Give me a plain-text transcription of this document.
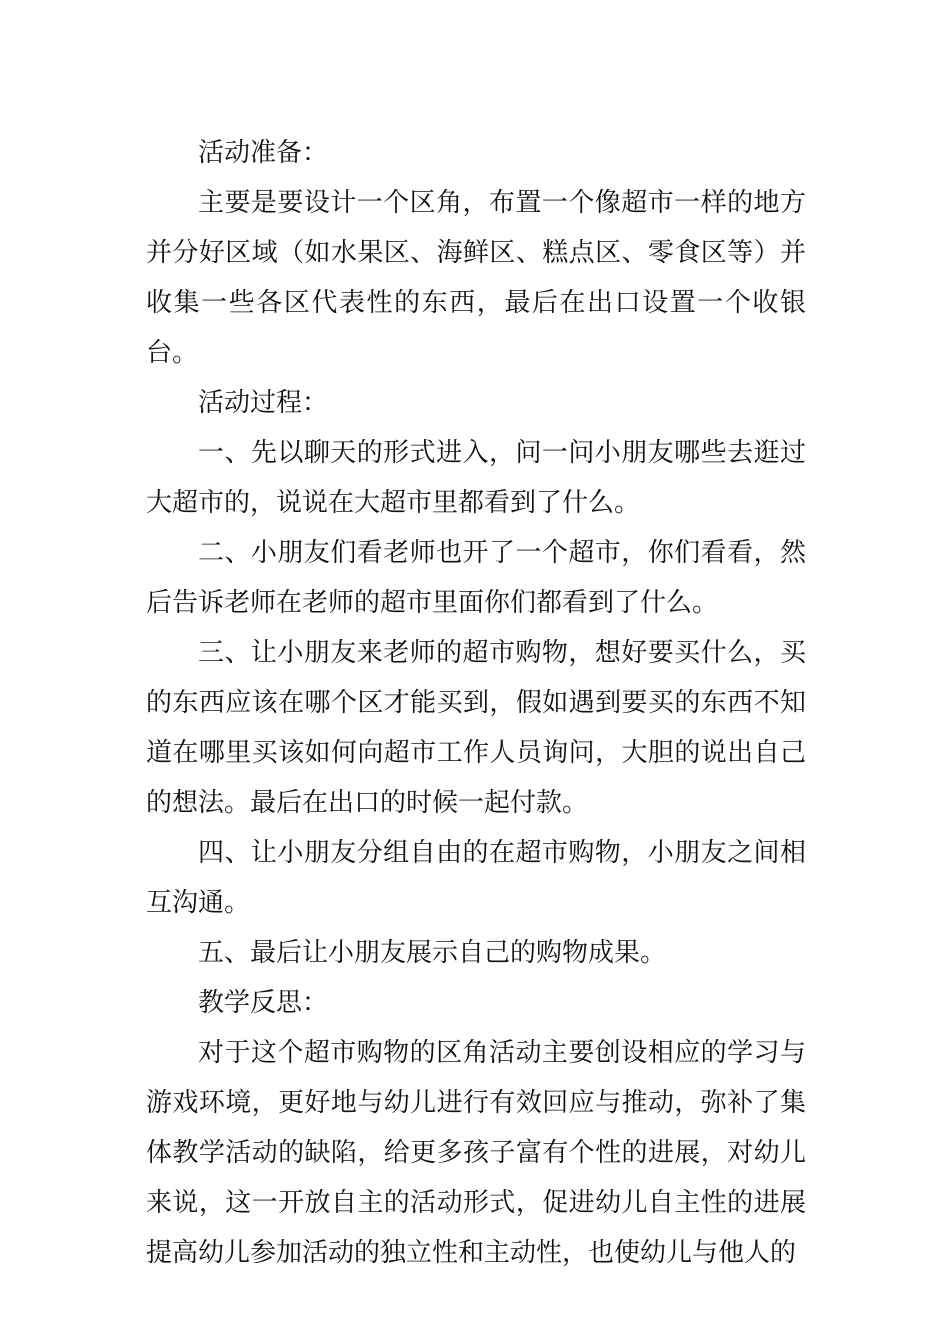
活动准备：

主要是要设计一个区角，布置一个像超市一样的地方并分好区域（如水果区、海鲜区、糕点区、零食区等）并收集一些各区代表性的东西，最后在出口设置一个收银台。

活动过程：

一、先以聊天的形式进入，问一问小朋友哪些去逛过大超市的，说说在大超市里都看到了什么。

二、小朋友们看老师也开了一个超市，你们看看，然后告诉老师在老师的超市里面你们都看到了什么。

三、让小朋友来老师的超市购物，想好要买什么，买的东西应该在哪个区才能买到，假如遇到要买的东西不知道在哪里买该如何向超市工作人员询问，大胆的说出自己的想法。最后在出口的时候一起付款。

四、让小朋友分组自由的在超市购物，小朋友之间相互沟通。

五、最后让小朋友展示自己的购物成果。

教学反思：

对于这个超市购物的区角活动主要创设相应的学习与游戏环境，更好地与幼儿进行有效回应与推动，弥补了集体教学活动的缺陷，给更多孩子富有个性的进展，对幼儿来说，这一开放自主的活动形式，促进幼儿自主性的进展提高幼儿参加活动的独立性和主动性，也使幼儿与他人的
